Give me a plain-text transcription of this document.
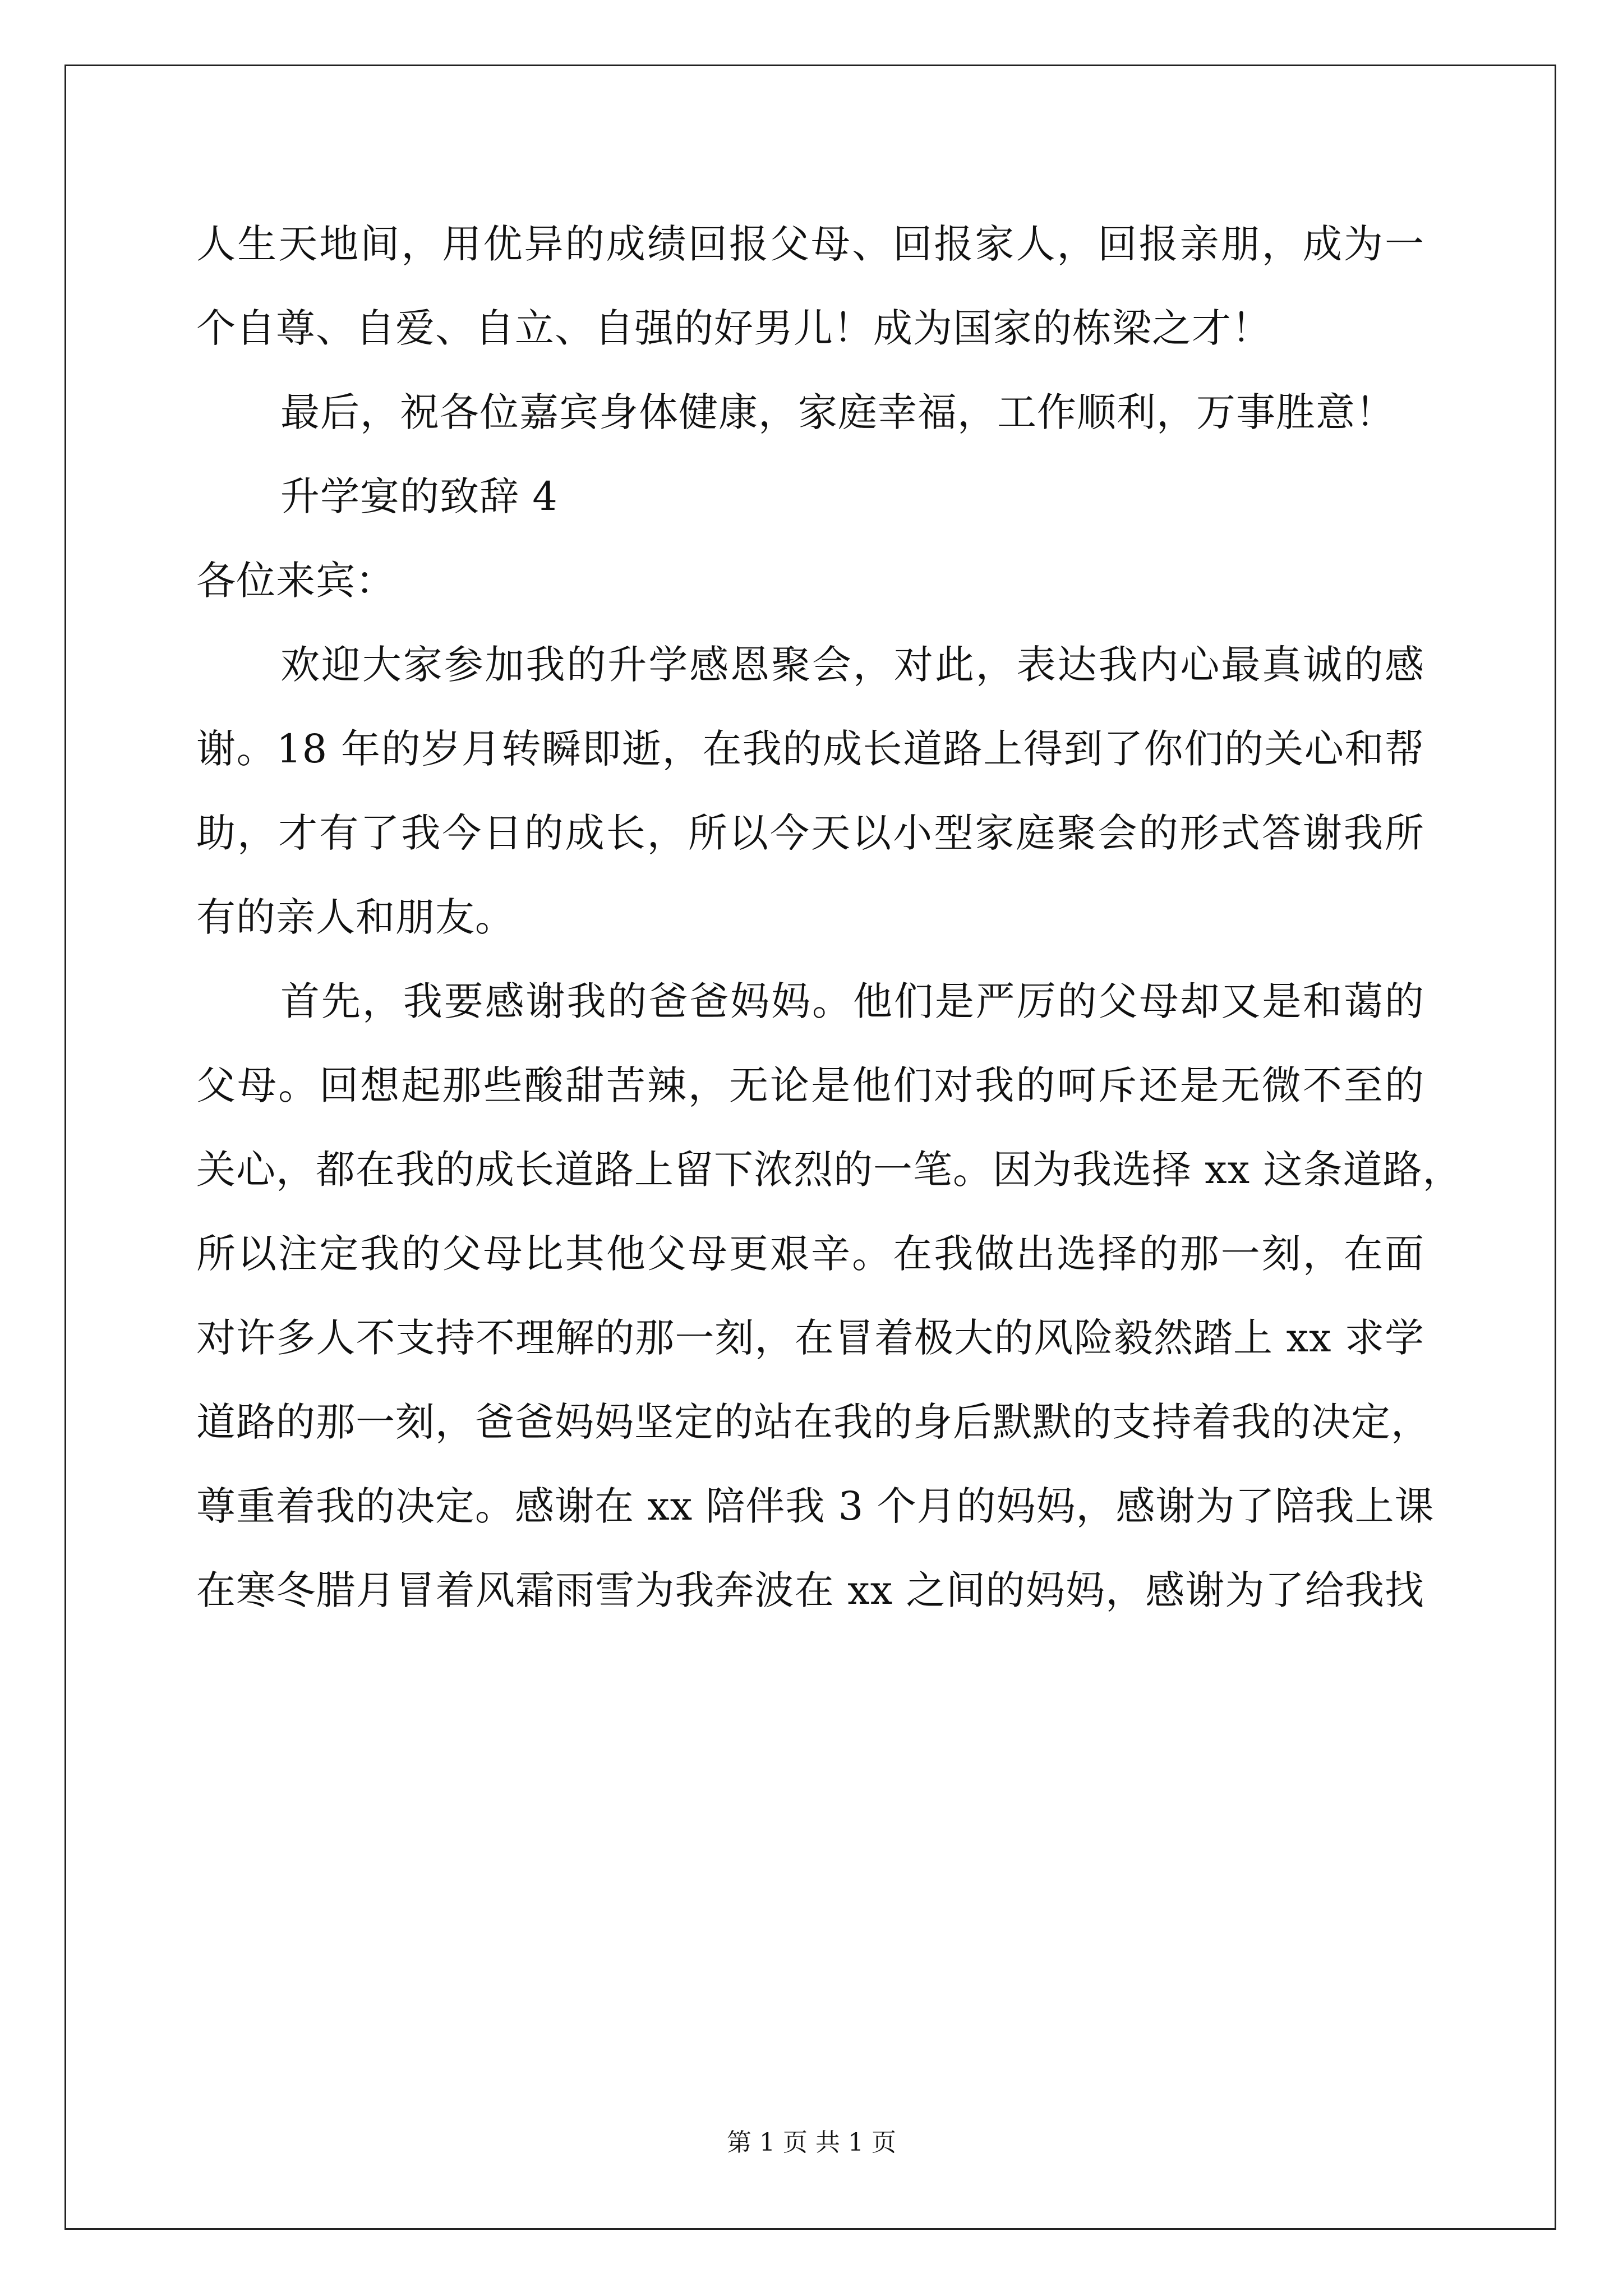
人生天地间，用优异的成绩回报父母、回报家人，回报亲朋，成为一
个自尊、自爱、自立、自强的好男儿！成为国家的栋梁之才！
最后，祝各位嘉宾身体健康，家庭幸福，工作顺利，万事胜意！
升学宴的致辞 4
各位来宾：
欢迎大家参加我的升学感恩聚会，对此，表达我内心最真诚的感
谢。18 年的岁月转瞬即逝，在我的成长道路上得到了你们的关心和帮
助，才有了我今日的成长，所以今天以小型家庭聚会的形式答谢我所
有的亲人和朋友。
首先，我要感谢我的爸爸妈妈。他们是严厉的父母却又是和蔼的
父母。回想起那些酸甜苦辣，无论是他们对我的呵斥还是无微不至的
关心，都在我的成长道路上留下浓烈的一笔。因为我选择 xx 这条道路，
所以注定我的父母比其他父母更艰辛。在我做出选择的那一刻，在面
对许多人不支持不理解的那一刻，在冒着极大的风险毅然踏上 xx 求学
道路的那一刻，爸爸妈妈坚定的站在我的身后默默的支持着我的决定，
尊重着我的决定。感谢在 xx 陪伴我 3 个月的妈妈，感谢为了陪我上课
在寒冬腊月冒着风霜雨雪为我奔波在 xx 之间的妈妈，感谢为了给我找
第 1 页 共 1 页
